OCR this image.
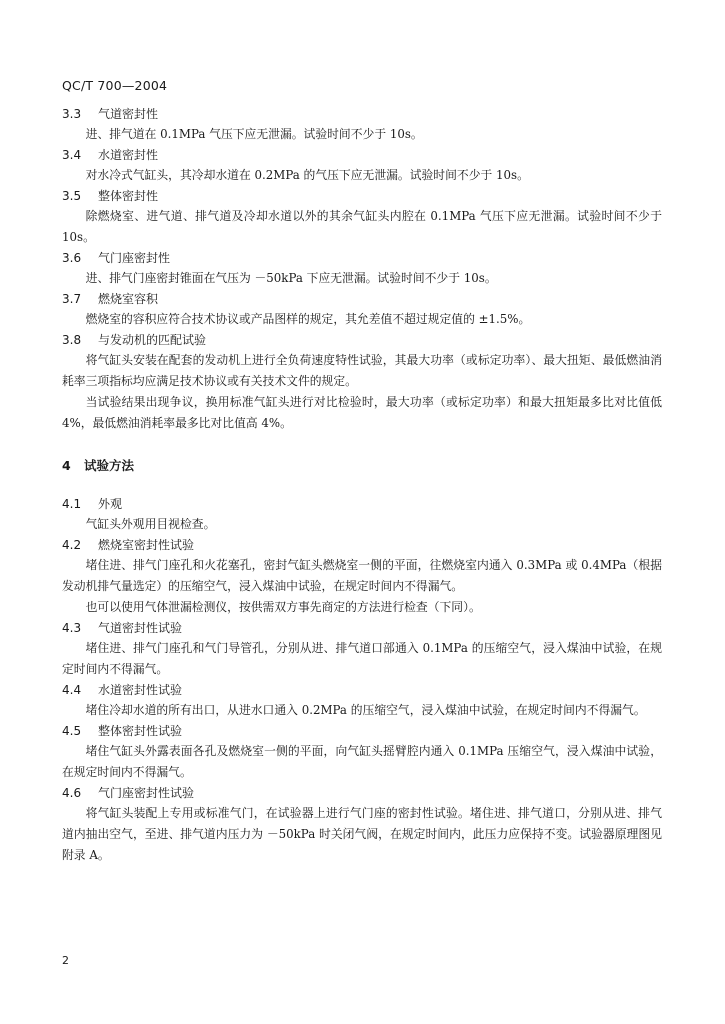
QC/T 700—2004
3.3 气道密封性
进、排气道在 0.1MPa 气压下应无泄漏。试验时间不少于 10s。
3.4 水道密封性
对水冷式气缸头，其冷却水道在 0.2MPa 的气压下应无泄漏。试验时间不少于 10s。
3.5 整体密封性
除燃烧室、进气道、排气道及冷却水道以外的其余气缸头内腔在 0.1MPa 气压下应无泄漏。试验时间不少于 10s。
3.6 气门座密封性
进、排气门座密封锥面在气压为 －50kPa 下应无泄漏。试验时间不少于 10s。
3.7 燃烧室容积
燃烧室的容积应符合技术协议或产品图样的规定，其允差值不超过规定值的 ±1.5%。
3.8 与发动机的匹配试验
将气缸头安装在配套的发动机上进行全负荷速度特性试验，其最大功率（或标定功率）、最大扭矩、最低燃油消耗率三项指标均应满足技术协议或有关技术文件的规定。
当试验结果出现争议，换用标准气缸头进行对比检验时，最大功率（或标定功率）和最大扭矩最多比对比值低 4%，最低燃油消耗率最多比对比值高 4%。
4 试验方法
4.1 外观
气缸头外观用目视检查。
4.2 燃烧室密封性试验
堵住进、排气门座孔和火花塞孔，密封气缸头燃烧室一侧的平面，往燃烧室内通入 0.3MPa 或 0.4MPa（根据发动机排气量选定）的压缩空气，浸入煤油中试验，在规定时间内不得漏气。
也可以使用气体泄漏检测仪，按供需双方事先商定的方法进行检查（下同）。
4.3 气道密封性试验
堵住进、排气门座孔和气门导管孔，分别从进、排气道口部通入 0.1MPa 的压缩空气，浸入煤油中试验，在规定时间内不得漏气。
4.4 水道密封性试验
堵住冷却水道的所有出口，从进水口通入 0.2MPa 的压缩空气，浸入煤油中试验，在规定时间内不得漏气。
4.5 整体密封性试验
堵住气缸头外露表面各孔及燃烧室一侧的平面，向气缸头摇臂腔内通入 0.1MPa 压缩空气，浸入煤油中试验，在规定时间内不得漏气。
4.6 气门座密封性试验
将气缸头装配上专用或标准气门，在试验器上进行气门座的密封性试验。堵住进、排气道口，分别从进、排气道内抽出空气，至进、排气道内压力为 －50kPa 时关闭气阀，在规定时间内，此压力应保持不变。试验器原理图见附录 A。
2
